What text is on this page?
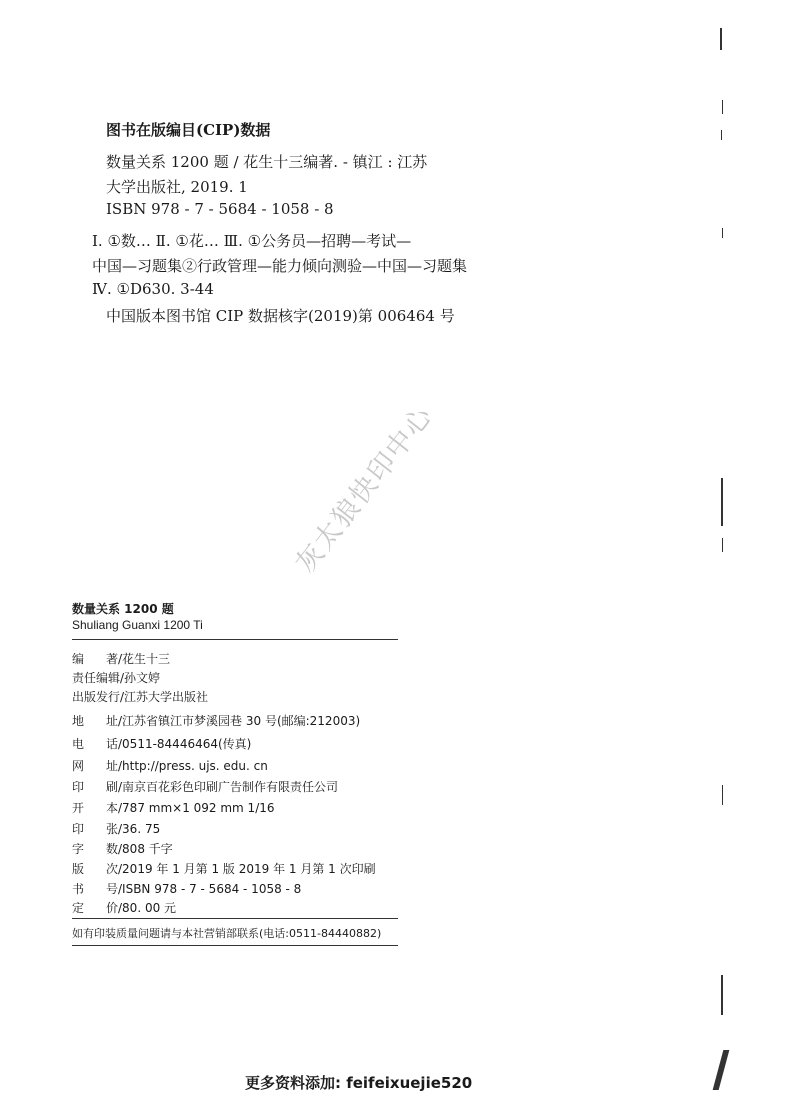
图书在版编目(CIP)数据
数量关系 1200 题 / 花生十三编著. - 镇江 : 江苏
大学出版社, 2019. 1
ISBN 978 - 7 - 5684 - 1058 - 8
Ⅰ. ①数… Ⅱ. ①花… Ⅲ. ①公务员—招聘—考试—
中国—习题集②行政管理—能力倾向测验—中国—习题集
Ⅳ. ①D630. 3-44
中国版本图书馆 CIP 数据核字(2019)第 006464 号
灰太狼快印中心
数量关系 1200 题
Shuliang Guanxi 1200 Ti
编	著/花生十三
责任编辑/孙文婷
出版发行/江苏大学出版社
地	址/江苏省镇江市梦溪园巷 30 号(邮编:212003)
电	话/0511-84446464(传真)
网	址/http://press. ujs. edu. cn
印	刷/南京百花彩色印刷广告制作有限责任公司
开	本/787 mm×1 092 mm 1/16
印	张/36. 75
字	数/808 千字
版	次/2019 年 1 月第 1 版 2019 年 1 月第 1 次印刷
书	号/ISBN 978 - 7 - 5684 - 1058 - 8
定	价/80. 00 元
如有印装质量问题请与本社营销部联系(电话:0511-84440882)
更多资料添加: feifeixuejie520
